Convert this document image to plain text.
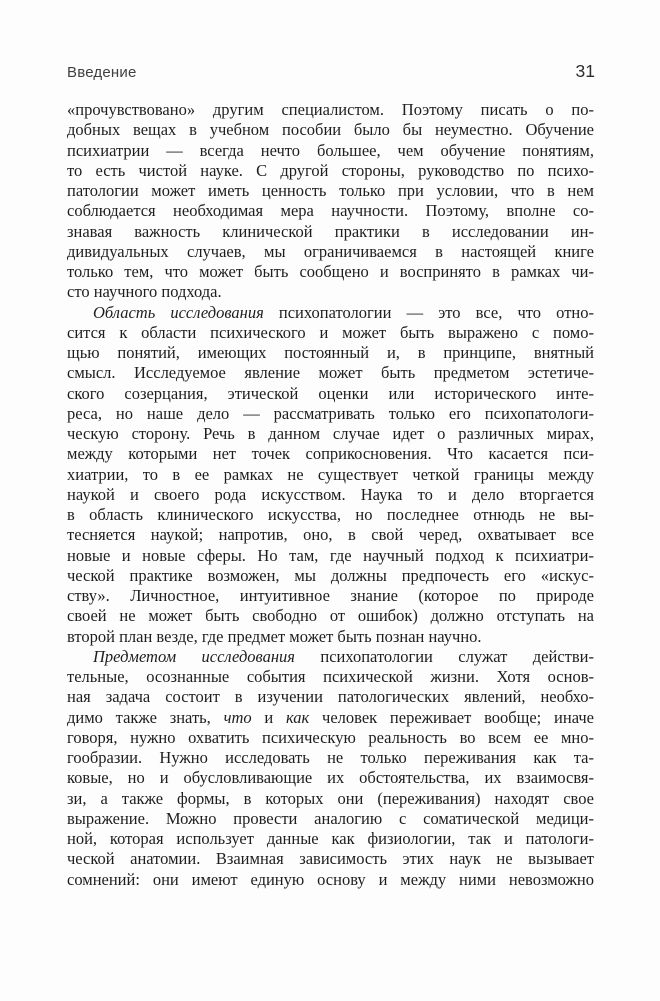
Введение	31
«прочувствовано» другим специалистом. Поэтому писать о по-
добных вещах в учебном пособии было бы неуместно. Обучение
психиатрии — всегда нечто большее, чем обучение понятиям,
то есть чистой науке. С другой стороны, руководство по психо-
патологии может иметь ценность только при условии, что в нем
соблюдается необходимая мера научности. Поэтому, вполне со-
знавая важность клинической практики в исследовании ин-
дивидуальных случаев, мы ограничиваемся в настоящей книге
только тем, что может быть сообщено и воспринято в рамках чи-
сто научного подхода.
Область исследования психопатологии — это все, что отно-
сится к области психического и может быть выражено с помо-
щью понятий, имеющих постоянный и, в принципе, внятный
смысл. Исследуемое явление может быть предметом эстетиче-
ского созерцания, этической оценки или исторического инте-
реса, но наше дело — рассматривать только его психопатологи-
ческую сторону. Речь в данном случае идет о различных мирах,
между которыми нет точек соприкосновения. Что касается пси-
хиатрии, то в ее рамках не существует четкой границы между
наукой и своего рода искусством. Наука то и дело вторгается
в область клинического искусства, но последнее отнюдь не вы-
тесняется наукой; напротив, оно, в свой черед, охватывает все
новые и новые сферы. Но там, где научный подход к психиатри-
ческой практике возможен, мы должны предпочесть его «искус-
ству». Личностное, интуитивное знание (которое по природе
своей не может быть свободно от ошибок) должно отступать на
второй план везде, где предмет может быть познан научно.
Предметом исследования психопатологии служат действи-
тельные, осознанные события психической жизни. Хотя основ-
ная задача состоит в изучении патологических явлений, необхо-
димо также знать, что и как человек переживает вообще; иначе
говоря, нужно охватить психическую реальность во всем ее мно-
гообразии. Нужно исследовать не только переживания как та-
ковые, но и обусловливающие их обстоятельства, их взаимосвя-
зи, а также формы, в которых они (переживания) находят свое
выражение. Можно провести аналогию с соматической медици-
ной, которая использует данные как физиологии, так и патологи-
ческой анатомии. Взаимная зависимость этих наук не вызывает
сомнений: они имеют единую основу и между ними невозможно
